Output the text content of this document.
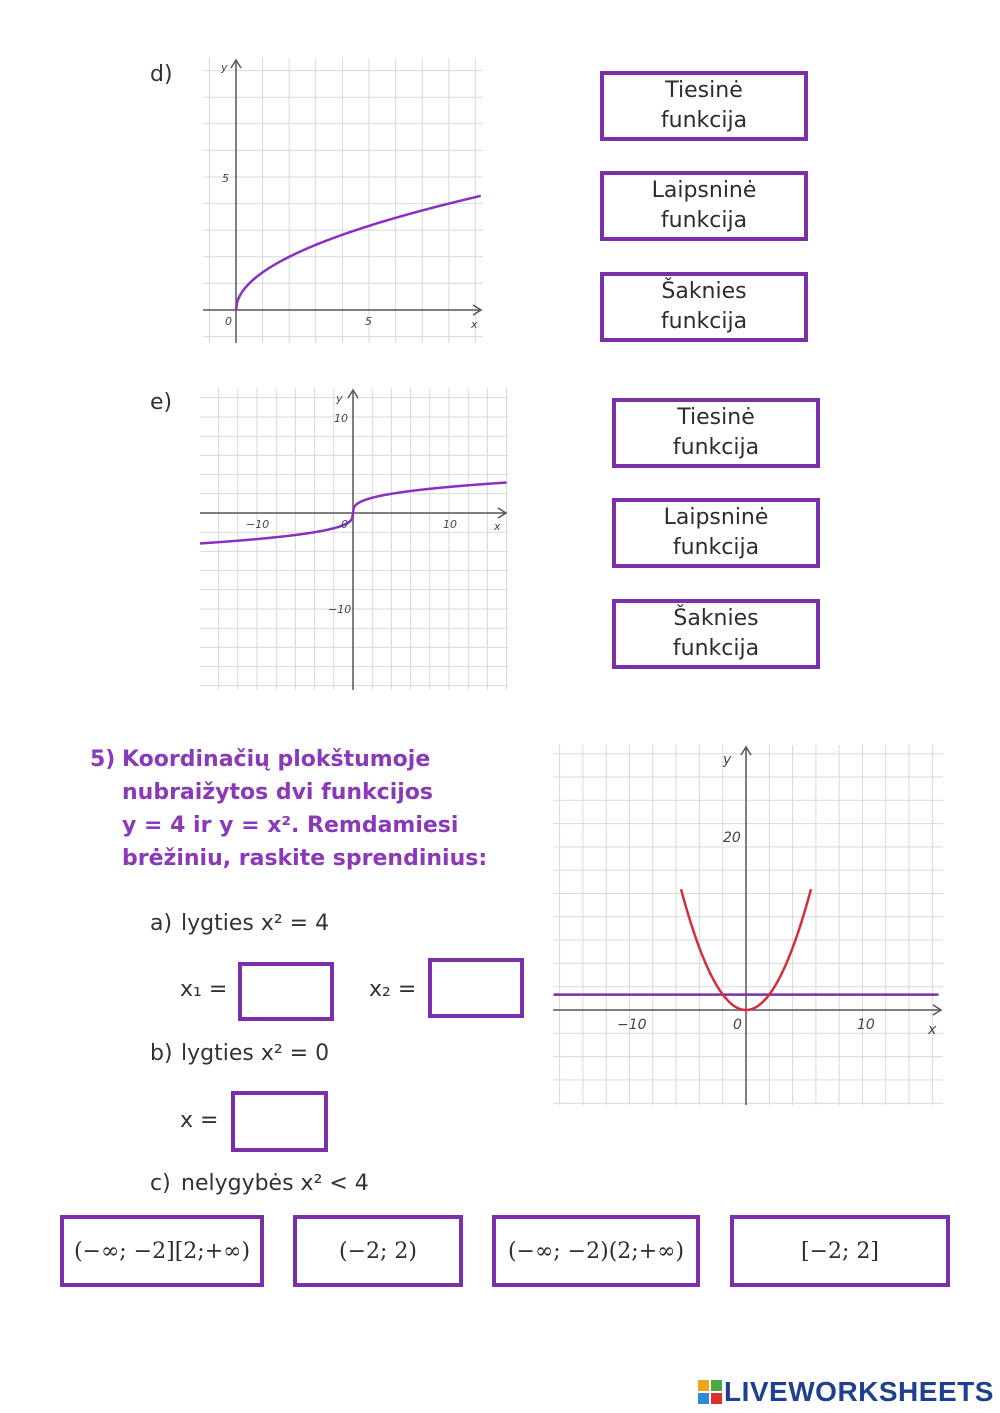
d)	y
x
5
5
0
Tiesinė
funkcija
Laipsninė
funkcija
Šaknies
funkcija
e)	y
x
10
−10
−10	10
0
Tiesinė
funkcija
Laipsninė
funkcija
Šaknies
funkcija
5) Koordinačių plokštumoje
nubraižytos dvi funkcijos
y = 4 ir y = x². Remdamiesi
brėžiniu, raskite sprendinius:
y
x
20
−10	10
0
a) lygties x² = 4
x₁ =	x₂ =
b) lygties x² = 0
x =
c) nelygybės x² < 4
(−∞; −2][2;+∞)	(−2; 2)	(−∞; −2)(2;+∞)	[−2; 2]
LIVEWORKSHEETS
